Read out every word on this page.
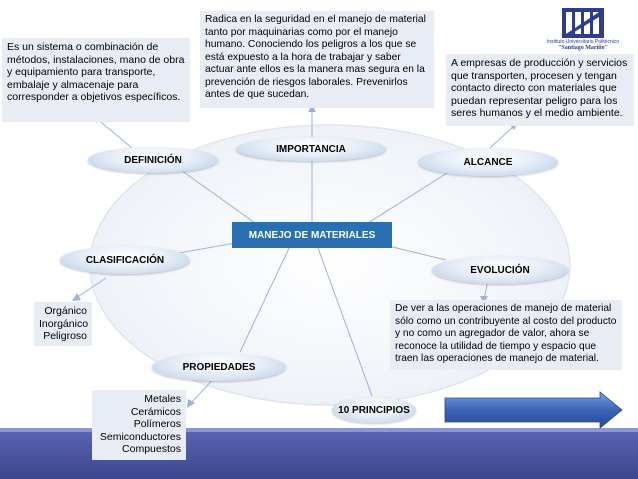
Instituto Universitario Politécnico
"Santiago Mariño"
Radica en la seguridad en el manejo de material tanto por maquinarias como por el manejo humano. Conociendo los peligros a los que se está expuesto a la hora de trabajar y saber actuar ante ellos es la manera mas segura en la prevención de riesgos laborales. Prevenirlos antes de que sucedan.
Es un sistema o combinación de métodos, instalaciones, mano de obra y equipamiento para transporte, embalaje y almacenaje para corresponder a objetivos específicos.
A empresas de producción y servicios que transporten, procesen y tengan contacto directo con materiales que puedan representar peligro para los seres humanos y el medio ambiente.
De ver a las operaciones de manejo de material sólo como un contribuyente al costo del producto y no como un agregador de valor, ahora se reconoce la utilidad de tiempo y espacio que traen las operaciones de manejo de material.
Orgánico
Inorgánico
Peligroso
Metales
Cerámicos
Polímeros
Semiconductores
Compuestos
MANEJO DE MATERIALES
IMPORTANCIA
DEFINICIÓN	ALCANCE
CLASIFICACIÓN
EVOLUCIÓN
PROPIEDADES
10 PRINCIPIOS
